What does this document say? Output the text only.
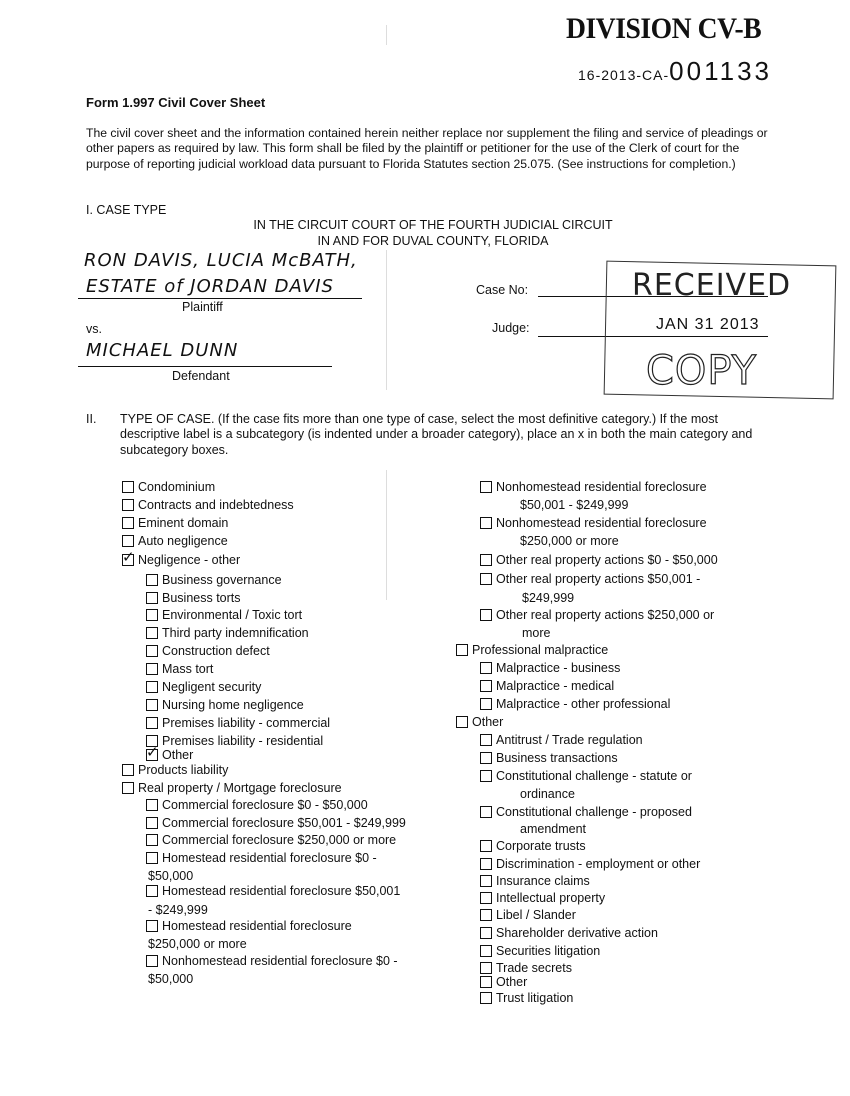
DIVISION CV-B
16-2013-CA-001133
Form 1.997 Civil Cover Sheet
The civil cover sheet and the information contained herein neither replace nor supplement the filing and service of pleadings or other papers as required by law. This form shall be filed by the plaintiff or petitioner for the use of the Clerk of court for the purpose of reporting judicial workload data pursuant to Florida Statutes section 25.075. (See instructions for completion.)
I. CASE TYPE
IN THE CIRCUIT COURT OF THE FOURTH JUDICIAL CIRCUIT
IN AND FOR DUVAL COUNTY, FLORIDA
RON DAVIS, LUCIA McBATH,
ESTATE of JORDAN DAVIS
Plaintiff
vs.
MICHAEL DUNN
Defendant
Case No:
Judge:
RECEIVED
JAN 31 2013
COPY
II. TYPE OF CASE. (If the case fits more than one type of case, select the most definitive category.) If the most descriptive label is a subcategory (is indented under a broader category), place an x in both the main category and subcategory boxes.
Condominium
Contracts and indebtedness
Eminent domain
Auto negligence
✓ Negligence - other
Business governance
Business torts
Environmental / Toxic tort
Third party indemnification
Construction defect
Mass tort
Negligent security
Nursing home negligence
Premises liability - commercial
Premises liability - residential
✓ Other
Products liability
Real property / Mortgage foreclosure
Commercial foreclosure $0 - $50,000
Commercial foreclosure $50,001 - $249,999
Commercial foreclosure $250,000 or more
Homestead residential foreclosure $0 -
$50,000
Homestead residential foreclosure $50,001
- $249,999
Homestead residential foreclosure
$250,000 or more
Nonhomestead residential foreclosure $0 -
$50,000
Nonhomestead residential foreclosure
$50,001 - $249,999
Nonhomestead residential foreclosure
$250,000 or more
Other real property actions $0 - $50,000
Other real property actions $50,001 -
$249,999
Other real property actions $250,000 or
more
Professional malpractice
Malpractice - business
Malpractice - medical
Malpractice - other professional
Other
Antitrust / Trade regulation
Business transactions
Constitutional challenge - statute or
ordinance
Constitutional challenge - proposed
amendment
Corporate trusts
Discrimination - employment or other
Insurance claims
Intellectual property
Libel / Slander
Shareholder derivative action
Securities litigation
Trade secrets
Other
Trust litigation
